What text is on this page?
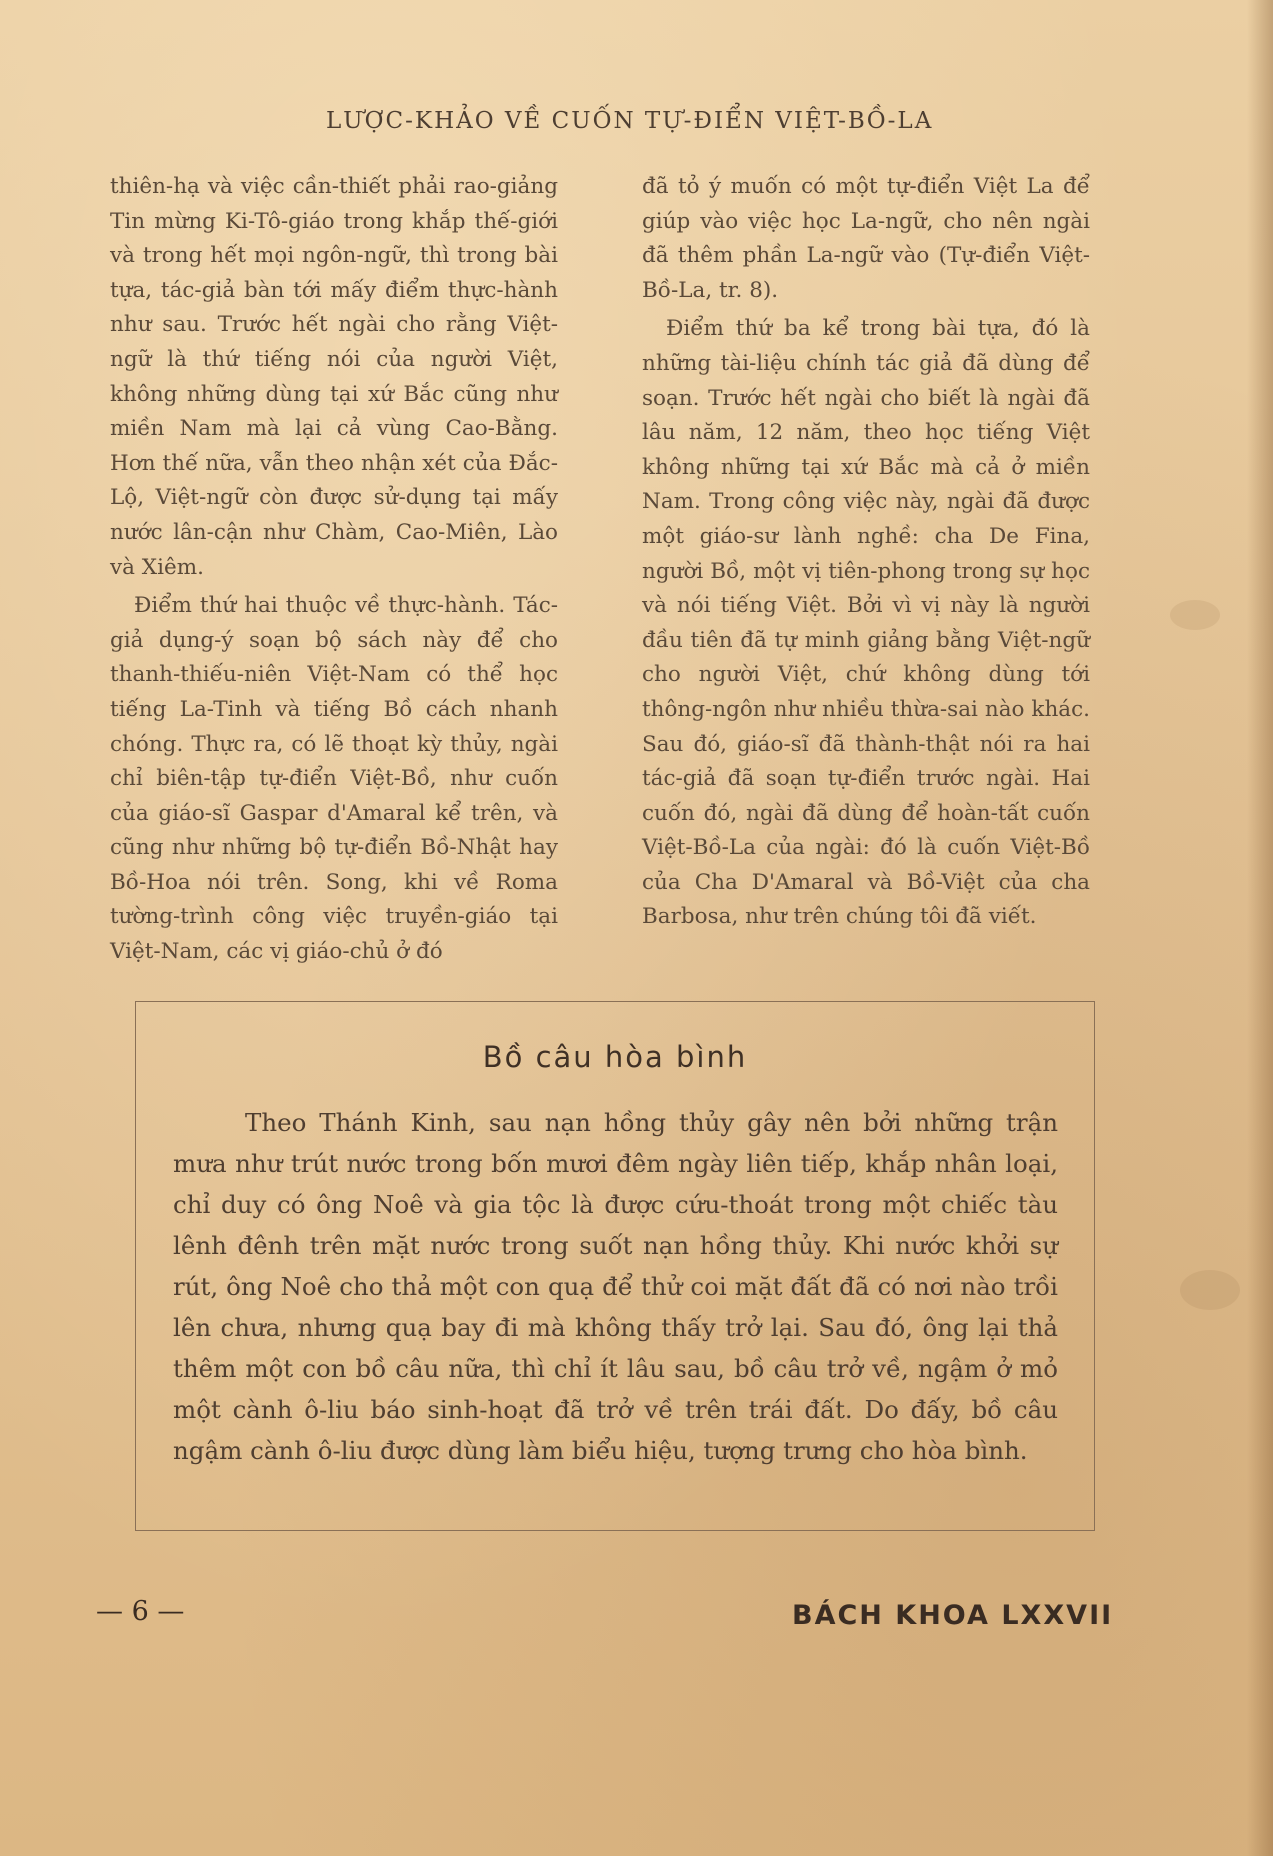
LƯỢC-KHẢO VỀ CUỐN TỰ-ĐIỂN VIỆT-BỒ-LA

thiên-hạ và việc cần-thiết phải rao-giảng Tin mừng Ki-Tô-giáo trong khắp thế-giới và trong hết mọi ngôn-ngữ, thì trong bài tựa, tác-giả bàn tới mấy điểm thực-hành như sau. Trước hết ngài cho rằng Việt-ngữ là thứ tiếng nói của người Việt, không những dùng tại xứ Bắc cũng như miền Nam mà lại cả vùng Cao-Bằng. Hơn thế nữa, vẫn theo nhận xét của Đắc-Lộ, Việt-ngữ còn được sử-dụng tại mấy nước lân-cận như Chàm, Cao-Miên, Lào và Xiêm.

Điểm thứ hai thuộc về thực-hành. Tác-giả dụng-ý soạn bộ sách này để cho thanh-thiếu-niên Việt-Nam có thể học tiếng La-Tinh và tiếng Bồ cách nhanh chóng. Thực ra, có lẽ thoạt kỳ thủy, ngài chỉ biên-tập tự-điển Việt-Bồ, như cuốn của giáo-sĩ Gaspar d'Amaral kể trên, và cũng như những bộ tự-điển Bồ-Nhật hay Bồ-Hoa nói trên. Song, khi về Roma tường-trình công việc truyền-giáo tại Việt-Nam, các vị giáo-chủ ở đó

đã tỏ ý muốn có một tự-điển Việt La để giúp vào việc học La-ngữ, cho nên ngài đã thêm phần La-ngữ vào (Tự-điển Việt-Bồ-La, tr. 8).

Điểm thứ ba kể trong bài tựa, đó là những tài-liệu chính tác giả đã dùng để soạn. Trước hết ngài cho biết là ngài đã lâu năm, 12 năm, theo học tiếng Việt không những tại xứ Bắc mà cả ở miền Nam. Trong công việc này, ngài đã được một giáo-sư lành nghề: cha De Fina, người Bồ, một vị tiên-phong trong sự học và nói tiếng Việt. Bởi vì vị này là người đầu tiên đã tự minh giảng bằng Việt-ngữ cho người Việt, chứ không dùng tới thông-ngôn như nhiều thừa-sai nào khác. Sau đó, giáo-sĩ đã thành-thật nói ra hai tác-giả đã soạn tự-điển trước ngài. Hai cuốn đó, ngài đã dùng để hoàn-tất cuốn Việt-Bồ-La của ngài: đó là cuốn Việt-Bồ của Cha D'Amaral và Bồ-Việt của cha Barbosa, như trên chúng tôi đã viết.

Bồ câu hòa bình
Theo Thánh Kinh, sau nạn hồng thủy gây nên bởi những trận mưa như trút nước trong bốn mươi đêm ngày liên tiếp, khắp nhân loại, chỉ duy có ông Noê và gia tộc là được cứu-thoát trong một chiếc tàu lênh đênh trên mặt nước trong suốt nạn hồng thủy. Khi nước khởi sự rút, ông Noê cho thả một con quạ để thử coi mặt đất đã có nơi nào trồi lên chưa, nhưng quạ bay đi mà không thấy trở lại. Sau đó, ông lại thả thêm một con bồ câu nữa, thì chỉ ít lâu sau, bồ câu trở về, ngậm ở mỏ một cành ô-liu báo sinh-hoạt đã trở về trên trái đất. Do đấy, bồ câu ngậm cành ô-liu được dùng làm biểu hiệu, tượng trưng cho hòa bình.
— 6 —	BÁCH KHOA LXXVII
